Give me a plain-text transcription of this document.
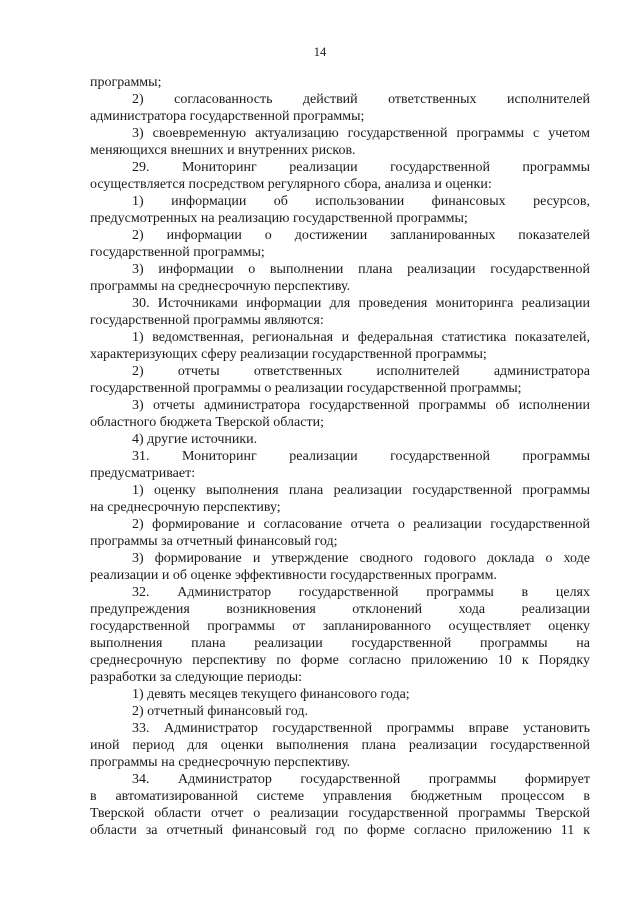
14
программы;
2) согласованность действий ответственных исполнителей
администратора государственной программы;
3) своевременную актуализацию государственной программы с учетом
меняющихся внешних и внутренних рисков.
29. Мониторинг реализации государственной программы
осуществляется посредством регулярного сбора, анализа и оценки:
1) информации об использовании финансовых ресурсов,
предусмотренных на реализацию государственной программы;
2) информации о достижении запланированных показателей
государственной программы;
3) информации о выполнении плана реализации государственной
программы на среднесрочную перспективу.
30. Источниками информации для проведения мониторинга реализации
государственной программы являются:
1) ведомственная, региональная и федеральная статистика показателей,
характеризующих сферу реализации государственной программы;
2) отчеты ответственных исполнителей администратора
государственной программы о реализации государственной программы;
3) отчеты администратора государственной программы об исполнении
областного бюджета Тверской области;
4) другие источники.
31. Мониторинг реализации государственной программы
предусматривает:
1) оценку выполнения плана реализации государственной программы
на среднесрочную перспективу;
2) формирование и согласование отчета о реализации государственной
программы за отчетный финансовый год;
3) формирование и утверждение сводного годового доклада о ходе
реализации и об оценке эффективности государственных программ.
32. Администратор государственной программы в целях
предупреждения возникновения отклонений хода реализации
государственной программы от запланированного осуществляет оценку
выполнения плана реализации государственной программы на
среднесрочную перспективу по форме согласно приложению 10 к Порядку
разработки за следующие периоды:
1) девять месяцев текущего финансового года;
2) отчетный финансовый год.
33. Администратор государственной программы вправе установить
иной период для оценки выполнения плана реализации государственной
программы на среднесрочную перспективу.
34. Администратор государственной программы формирует
в автоматизированной системе управления бюджетным процессом в
Тверской области отчет о реализации государственной программы Тверской
области за отчетный финансовый год по форме согласно приложению 11 к
